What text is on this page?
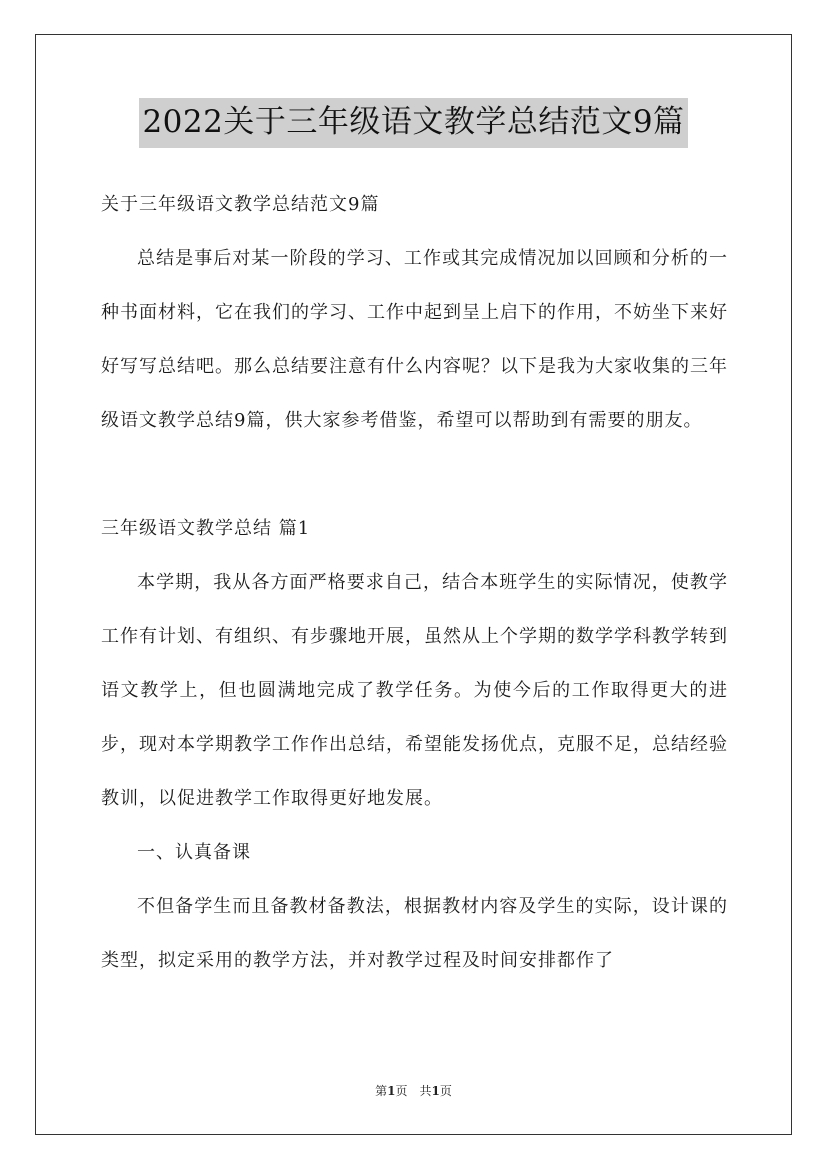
2022关于三年级语文教学总结范文9篇

关于三年级语文教学总结范文9篇

总结是事后对某一阶段的学习、工作或其完成情况加以回顾和分析的一种书面材料，它在我们的学习、工作中起到呈上启下的作用，不妨坐下来好好写写总结吧。那么总结要注意有什么内容呢？以下是我为大家收集的三年级语文教学总结9篇，供大家参考借鉴，希望可以帮助到有需要的朋友。

三年级语文教学总结 篇1

本学期，我从各方面严格要求自己，结合本班学生的实际情况，使教学工作有计划、有组织、有步骤地开展，虽然从上个学期的数学学科教学转到语文教学上，但也圆满地完成了教学任务。为使今后的工作取得更大的进步，现对本学期教学工作作出总结，希望能发扬优点，克服不足，总结经验教训，以促进教学工作取得更好地发展。

一、认真备课

不但备学生而且备教材备教法，根据教材内容及学生的实际，设计课的类型，拟定采用的教学方法，并对教学过程及时间安排都作了

第1页　共1页
